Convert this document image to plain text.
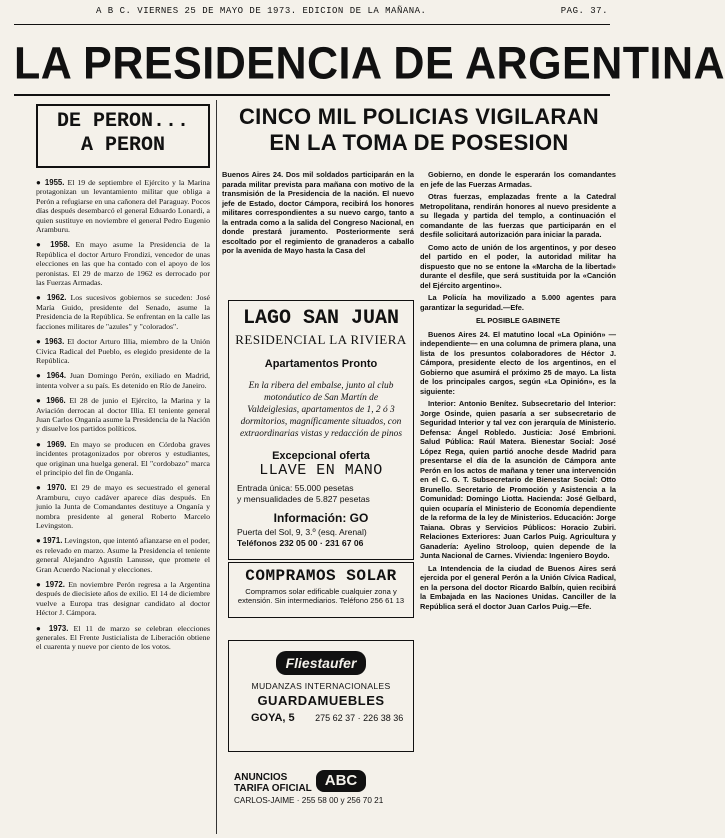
A B C. VIERNES 25 DE MAYO DE 1973. EDICION DE LA MAÑANA.	PAG. 37.
LA PRESIDENCIA DE ARGENTINA
DE PERON...
A PERON

● 1955. El 19 de septiembre el Ejército y la Marina protagonizan un levantamiento militar que obliga a Perón a refugiarse en una cañonera del Paraguay. Pocos días después desembarcó el general Eduardo Lonardi, a quien sustituye en noviembre el general Pedro Eugenio Aramburu.

● 1958. En mayo asume la Presidencia de la República el doctor Arturo Frondizi, vencedor de unas elecciones en las que ha contado con el apoyo de los peronistas. El 29 de marzo de 1962 es derrocado por las Fuerzas Armadas.

● 1962. Los sucesivos gobiernos se suceden: José María Guido, presidente del Senado, asume la Presidencia de la República. Se enfrentan en la calle las facciones militares de "azules" y "colorados".

● 1963. El doctor Arturo Illia, miembro de la Unión Cívica Radical del Pueblo, es elegido presidente de la República.

● 1964. Juan Domingo Perón, exiliado en Madrid, intenta volver a su país. Es detenido en Río de Janeiro.

● 1966. El 28 de junio el Ejército, la Marina y la Aviación derrocan al doctor Illia. El teniente general Juan Carlos Onganía asume la Presidencia de la Nación y disuelve los partidos políticos.

● 1969. En mayo se producen en Córdoba graves incidentes protagonizados por obreros y estudiantes, que originan una huelga general. El "cordobazo" marca el principio del fin de Onganía.

● 1970. El 29 de mayo es secuestrado el general Aramburu, cuyo cadáver aparece días después. En junio la Junta de Comandantes destituye a Onganía y nombra presidente al general Roberto Marcelo Levingston.

● 1971. Levingston, que intentó afianzarse en el poder, es relevado en marzo. Asume la Presidencia el teniente general Alejandro Agustín Lanusse, que promete el Gran Acuerdo Nacional y elecciones.

● 1972. En noviembre Perón regresa a la Argentina después de diecisiete años de exilio. El 14 de diciembre vuelve a Europa tras designar candidato al doctor Héctor J. Cámpora.

● 1973. El 11 de marzo se celebran elecciones generales. El Frente Justicialista de Liberación obtiene el cuarenta y nueve por ciento de los votos.

CINCO MIL POLICIAS VIGILARAN
EN LA TOMA DE POSESION
Buenos Aires 24. Dos mil soldados participarán en la parada militar prevista para mañana con motivo de la transmisión de la Presidencia de la nación. El nuevo jefe de Estado, doctor Cámpora, recibirá los honores militares correspondientes a su nuevo cargo, tanto a la entrada como a la salida del Congreso Nacional, en donde prestará juramento. Posteriormente será escoltado por el regimiento de granaderos a caballo por la avenida de Mayo hasta la Casa del

Gobierno, en donde le esperarán los comandantes en jefe de las Fuerzas Armadas.

Otras fuerzas, emplazadas frente a la Catedral Metropolitana, rendirán honores al nuevo presidente a su llegada y partida del templo, a continuación el comandante de las fuerzas que participarán en el desfile solicitará autorización para iniciar la parada.

Como acto de unión de los argentinos, y por deseo del partido en el poder, la autoridad militar ha dispuesto que no se entone la «Marcha de la libertad» durante el desfile, que será sustituida por la «Canción del Ejército argentino».

La Policía ha movilizado a 5.000 agentes para garantizar la seguridad.—Efe.

EL POSIBLE GABINETE

Buenos Aires 24. El matutino local «La Opinión» —independiente— en una columna de primera plana, una lista de los presuntos colaboradores de Héctor J. Cámpora, presidente electo de los argentinos, en el Gobierno que asumirá el próximo 25 de mayo. La lista de los principales cargos, según «La Opinión», es la siguiente:

Interior: Antonio Benítez. Subsecretario del Interior: Jorge Osinde, quien pasaría a ser subsecretario de Seguridad Interior y tal vez con jerarquía de Ministerio. Defensa: Ángel Robledo. Justicia: José Embrioni. Salud Pública: Raúl Matera. Bienestar Social: José López Rega, quien partió anoche desde Madrid para presentarse el día de la asunción de Cámpora ante Perón en los actos de mañana y tener una intervención en el C. G. T. Subsecretario de Bienestar Social: Otto Brunello. Secretario de Promoción y Asistencia a la Comunidad: Domingo Liotta. Hacienda: José Gelbard, quien ocuparía el Ministerio de Economía dependiente de la reforma de la ley de Ministerios. Educación: Jorge Taiana. Obras y Servicios Públicos: Horacio Zubiri. Relaciones Exteriores: Juan Carlos Puig. Agricultura y Ganadería: Ayelino Stroloop, quien depende de la Junta Nacional de Carnes. Vivienda: Ingeniero Boydo.

La Intendencia de la ciudad de Buenos Aires será ejercida por el general Perón a la Unión Cívica Radical, en la persona del doctor Ricardo Balbín, quien recibirá la Embajada en las Naciones Unidas. Canciller de la República será el doctor Juan Carlos Puig.—Efe.

LAGO SAN JUAN
RESIDENCIAL LA RIVIERA
Apartamentos Pronto
En la ribera del embalse, junto al club motonáutico de San Martín de Valdeiglesias, apartamentos de 1, 2 ó 3 dormitorios, magníficamente situados, con extraordinarias vistas y redacción de pinos
Excepcional oferta
LLAVE EN MANO
Entrada única: 55.000 pesetas
y mensualidades de 5.827 pesetas
Información: GO
Puerta del Sol, 9, 3.º (esq. Arenal)
Teléfonos 232 05 00 · 231 67 06
COMPRAMOS SOLAR
Compramos solar edificable cualquier zona y extensión. Sin intermediarios. Teléfono 256 61 13
Fliestaufer
MUDANZAS INTERNACIONALES
GUARDAMUEBLES
GOYA, 5 275 62 37 · 226 38 36
ANUNCIOS
TARIFA OFICIAL ABC
CARLOS-JAIME · 255 58 00 y 256 70 21
